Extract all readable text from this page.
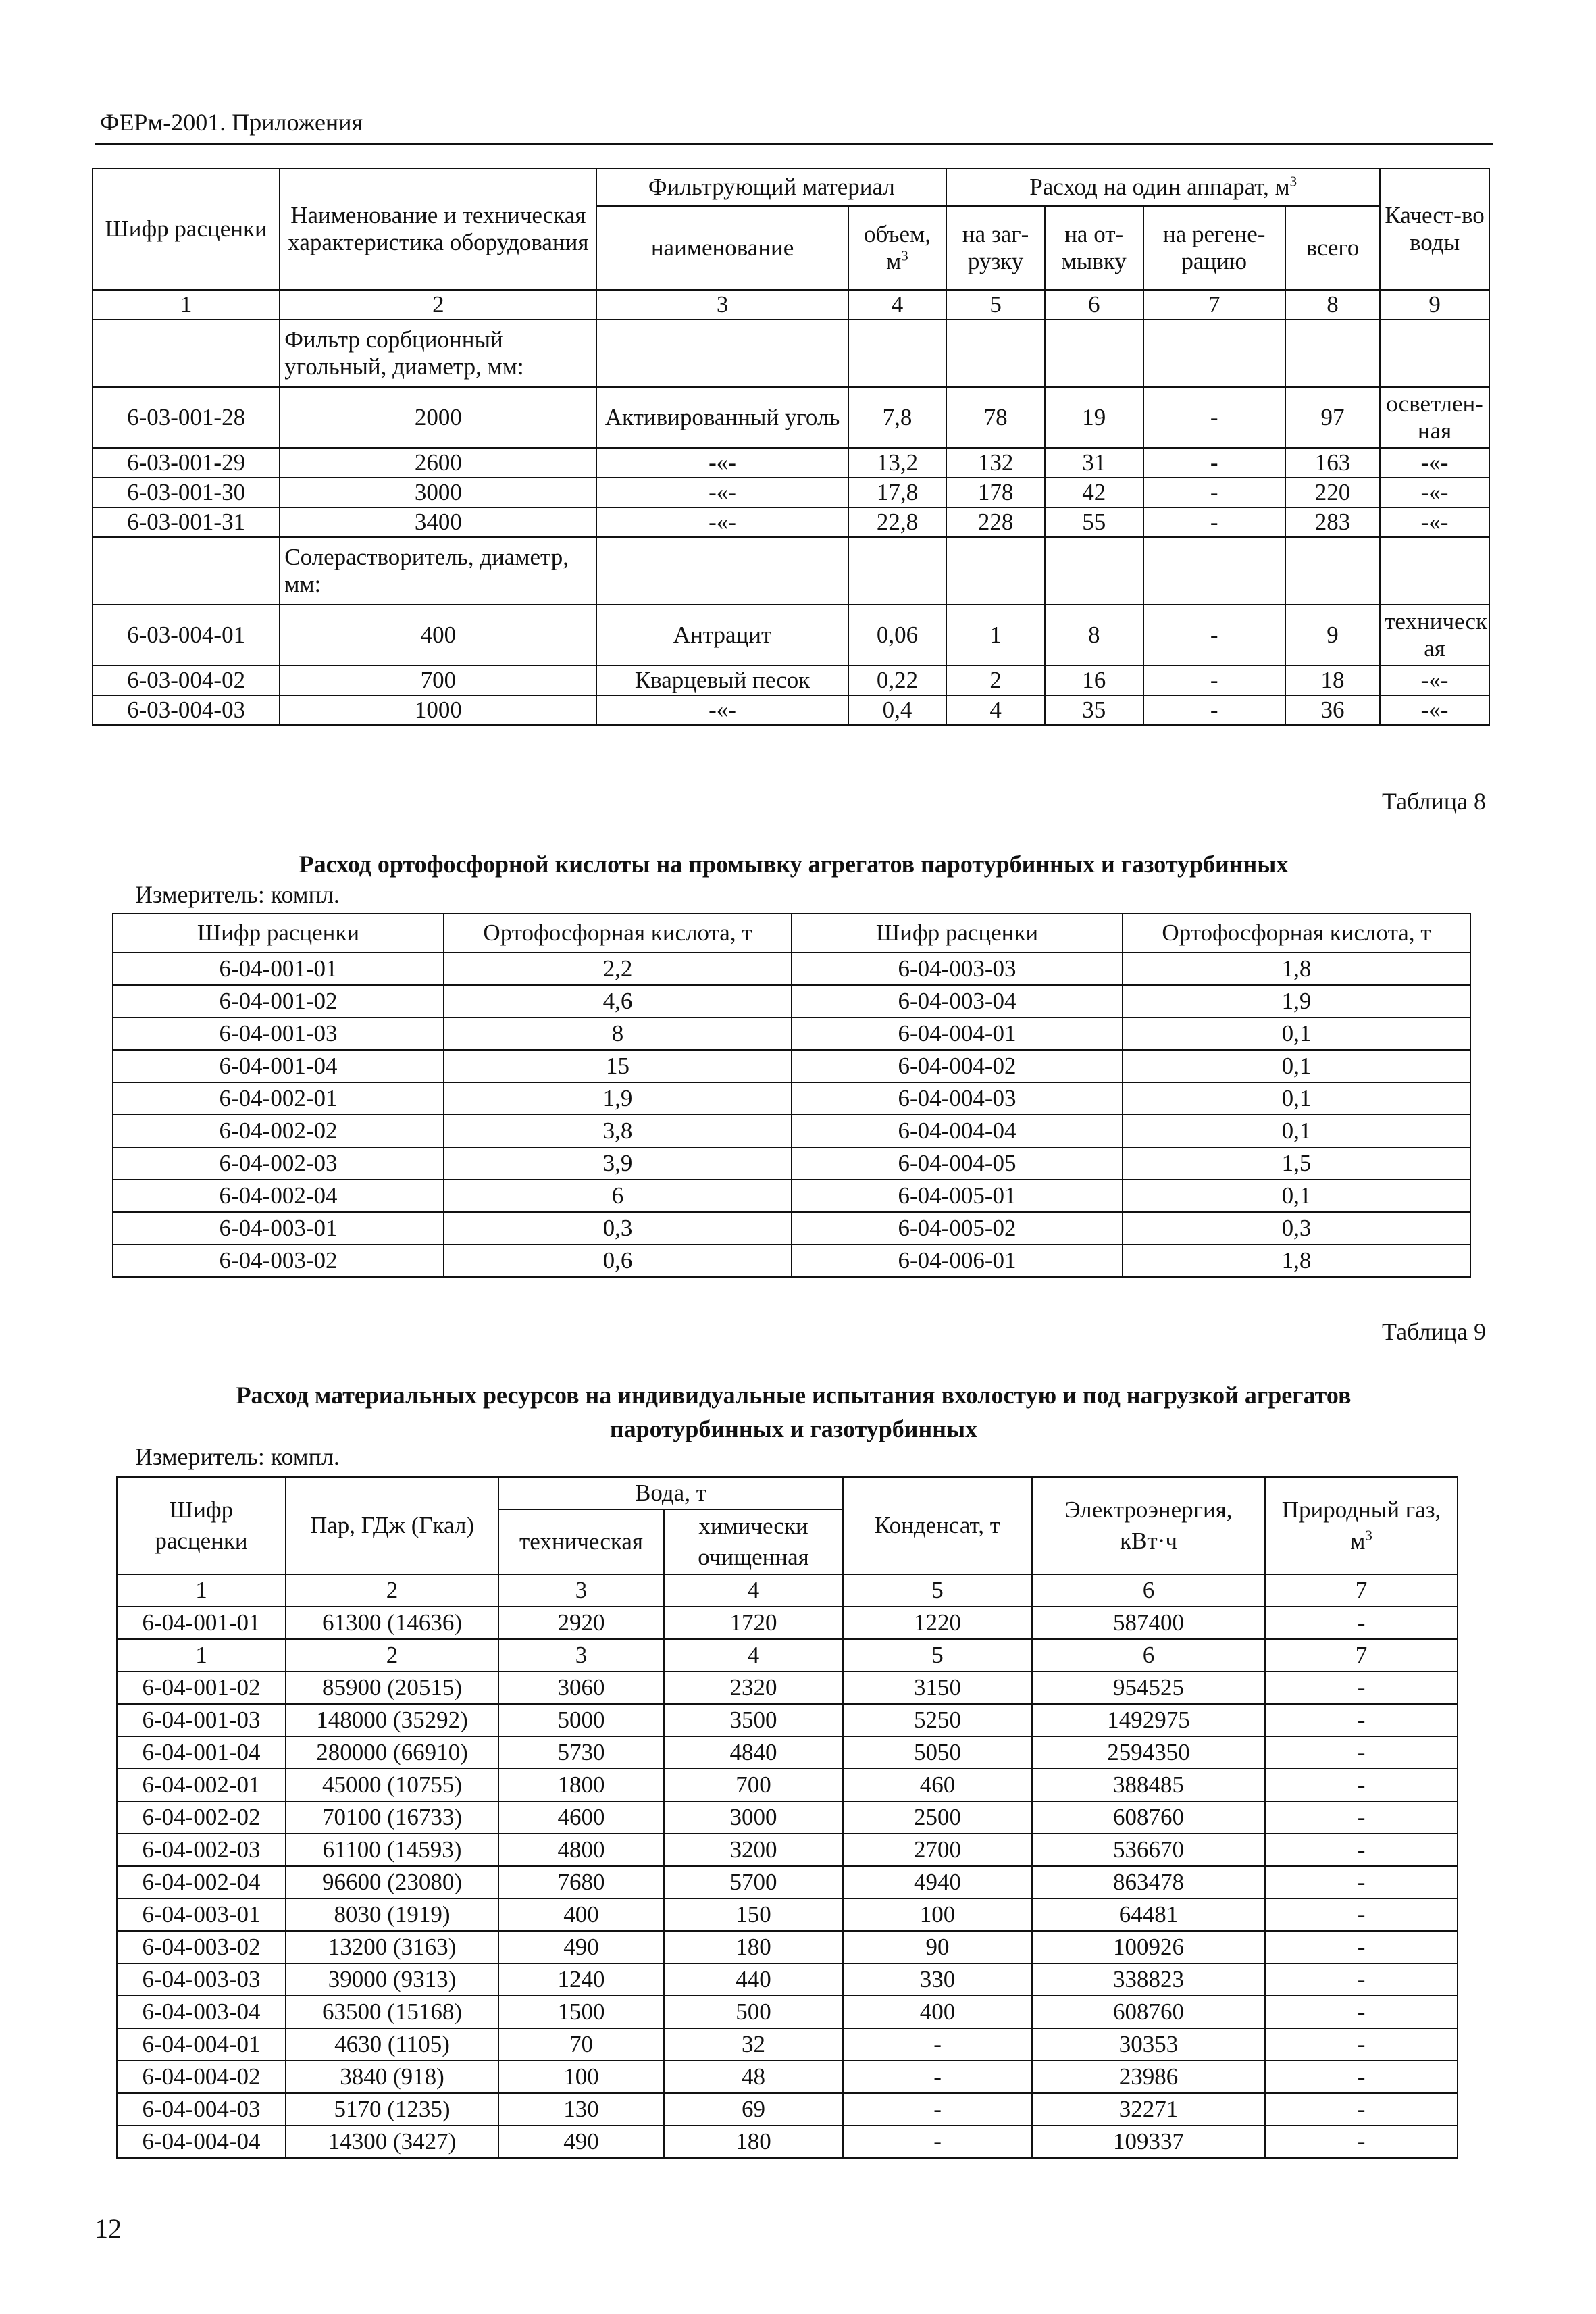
ФЕРм-2001. Приложения
Шифр расценки	Наименование и техническая характеристика оборудования	Фильтрующий материал		Расход на один аппарат, $м^3$				Качест-во воды
		наименование	объем, $м^3$	на заг-рузку	на от-мывку	на регене-рацию	всего	
1	2	3	4	5	6	7	8	9
	Фильтр сорбционный угольный, диаметр, мм:							
6-03-001-28	2000	Активированный уголь	7,8	78	19	-	97	осветлен-ная
6-03-001-29	2600	-«-	13,2	132	31	-	163	-«-
6-03-001-30	3000	-«-	17,8	178	42	-	220	-«-
6-03-001-31	3400	-«-	22,8	228	55	-	283	-«-
	Солерастворитель, диаметр, мм:							
6-03-004-01	400	Антрацит	0,06	1	8	-	9	техническ ая
6-03-004-02	700	Кварцевый песок	0,22	2	16	-	18	-«-
6-03-004-03	1000	-«-	0,4	4	35	-	36	-«-
Таблица 8
Расход ортофосфорной кислоты на промывку агрегатов паротурбинных и газотурбинных
Измеритель: компл.
Шифр расценки	Ортофосфорная кислота, т	Шифр расценки	Ортофосфорная кислота, т
6-04-001-01	2,2	6-04-003-03	1,8
6-04-001-02	4,6	6-04-003-04	1,9
6-04-001-03	8	6-04-004-01	0,1
6-04-001-04	15	6-04-004-02	0,1
6-04-002-01	1,9	6-04-004-03	0,1
6-04-002-02	3,8	6-04-004-04	0,1
6-04-002-03	3,9	6-04-004-05	1,5
6-04-002-04	6	6-04-005-01	0,1
6-04-003-01	0,3	6-04-005-02	0,3
6-04-003-02	0,6	6-04-006-01	1,8
Таблица 9
Расход материальных ресурсов на индивидуальные испытания вхолостую и под нагрузкой агрегатов
паротурбинных и газотурбинных
Измеритель: компл.
Шифр расценки	Пар, ГДж (Гкал)	Вода, т		Конденсат, т	Электроэнергия, кВт·ч	Природный газ, $м^3$
		техническая	химически очищенная			
1	2	3	4	5	6	7
6-04-001-01	61300 (14636)	2920	1720	1220	587400	-
1	2	3	4	5	6	7
6-04-001-02	85900 (20515)	3060	2320	3150	954525	-
6-04-001-03	148000 (35292)	5000	3500	5250	1492975	-
6-04-001-04	280000 (66910)	5730	4840	5050	2594350	-
6-04-002-01	45000 (10755)	1800	700	460	388485	-
6-04-002-02	70100 (16733)	4600	3000	2500	608760	-
6-04-002-03	61100 (14593)	4800	3200	2700	536670	-
6-04-002-04	96600 (23080)	7680	5700	4940	863478	-
6-04-003-01	8030 (1919)	400	150	100	64481	-
6-04-003-02	13200 (3163)	490	180	90	100926	-
6-04-003-03	39000 (9313)	1240	440	330	338823	-
6-04-003-04	63500 (15168)	1500	500	400	608760	-
6-04-004-01	4630 (1105)	70	32	-	30353	-
6-04-004-02	3840 (918)	100	48	-	23986	-
6-04-004-03	5170 (1235)	130	69	-	32271	-
6-04-004-04	14300 (3427)	490	180	-	109337	-
12
